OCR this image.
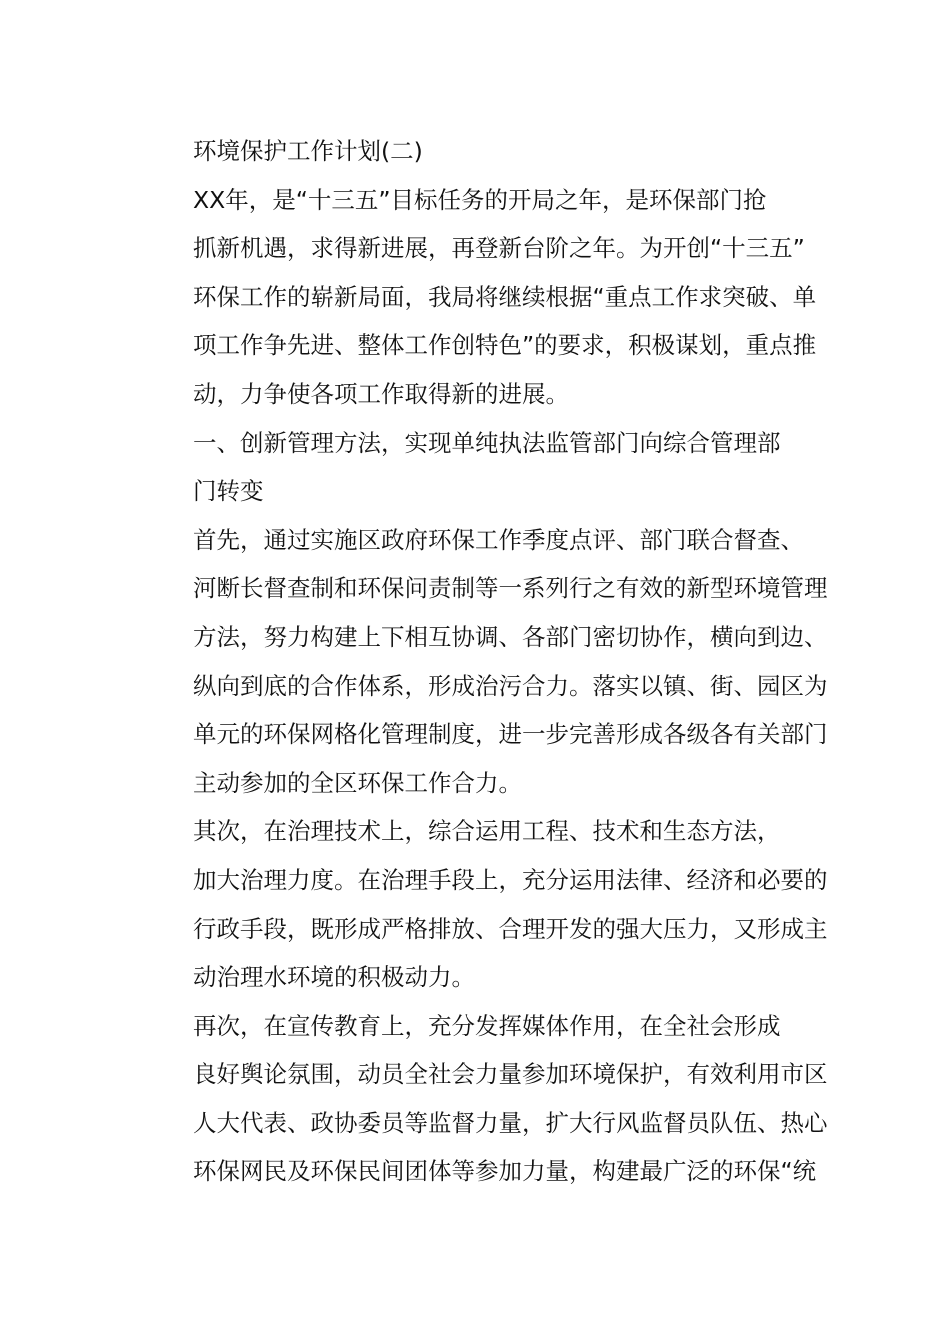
环境保护工作计划(二)

XX年，是“十三五”目标任务的开局之年，是环保部门抢
抓新机遇，求得新进展，再登新台阶之年。为开创“十三五”
环保工作的崭新局面，我局将继续根据“重点工作求突破、单
项工作争先进、整体工作创特色”的要求，积极谋划，重点推
动，力争使各项工作取得新的进展。

一、创新管理方法，实现单纯执法监管部门向综合管理部
门转变

首先，通过实施区政府环保工作季度点评、部门联合督查、
河断长督查制和环保问责制等一系列行之有效的新型环境管理
方法，努力构建上下相互协调、各部门密切协作，横向到边、
纵向到底的合作体系，形成治污合力。落实以镇、街、园区为
单元的环保网格化管理制度，进一步完善形成各级各有关部门
主动参加的全区环保工作合力。

其次，在治理技术上，综合运用工程、技术和生态方法，
加大治理力度。在治理手段上，充分运用法律、经济和必要的
行政手段，既形成严格排放、合理开发的强大压力，又形成主
动治理水环境的积极动力。

再次，在宣传教育上，充分发挥媒体作用，在全社会形成
良好舆论氛围，动员全社会力量参加环境保护，有效利用市区
人大代表、政协委员等监督力量，扩大行风监督员队伍、热心
环保网民及环保民间团体等参加力量，构建最广泛的环保“统
